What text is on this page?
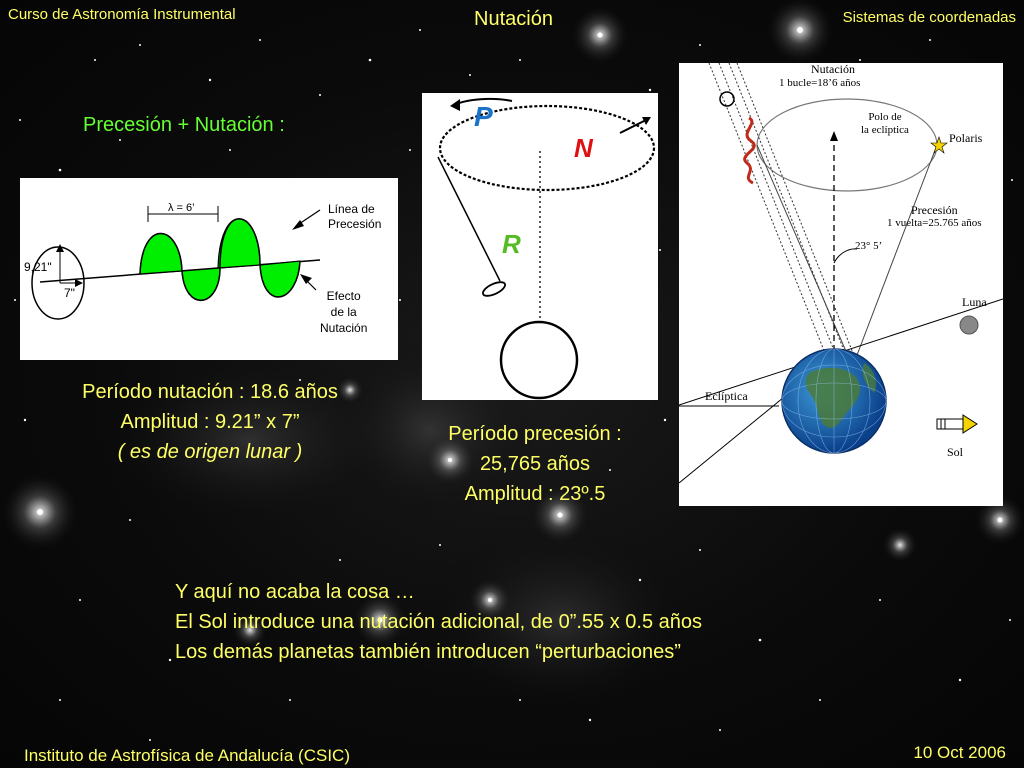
Curso de Astronomía Instrumental	Nutación	Sistemas de coordenadas
Precesión + Nutación :
λ = 6’
9,21"
7"
Línea de
Precesión
Efecto
de la
Nutación
Período nutación : 18.6 años
Amplitud : 9.21” x 7”
( es de origen lunar )
P
N
R
Período precesión :
25,765 años
Amplitud : 23º.5
Nutación
1 bucle=18’6 años
Polo de
la eclíptica
Polaris
Precesión
1 vuelta=25.765 años
23° 5’
Luna
Eclíptica
Sol
Y aquí no acaba la cosa …
El Sol introduce una nutación adicional, de 0”.55 x 0.5 años
Los demás planetas también introducen “perturbaciones”
Instituto de Astrofísica de Andalucía (CSIC)	10 Oct 2006
